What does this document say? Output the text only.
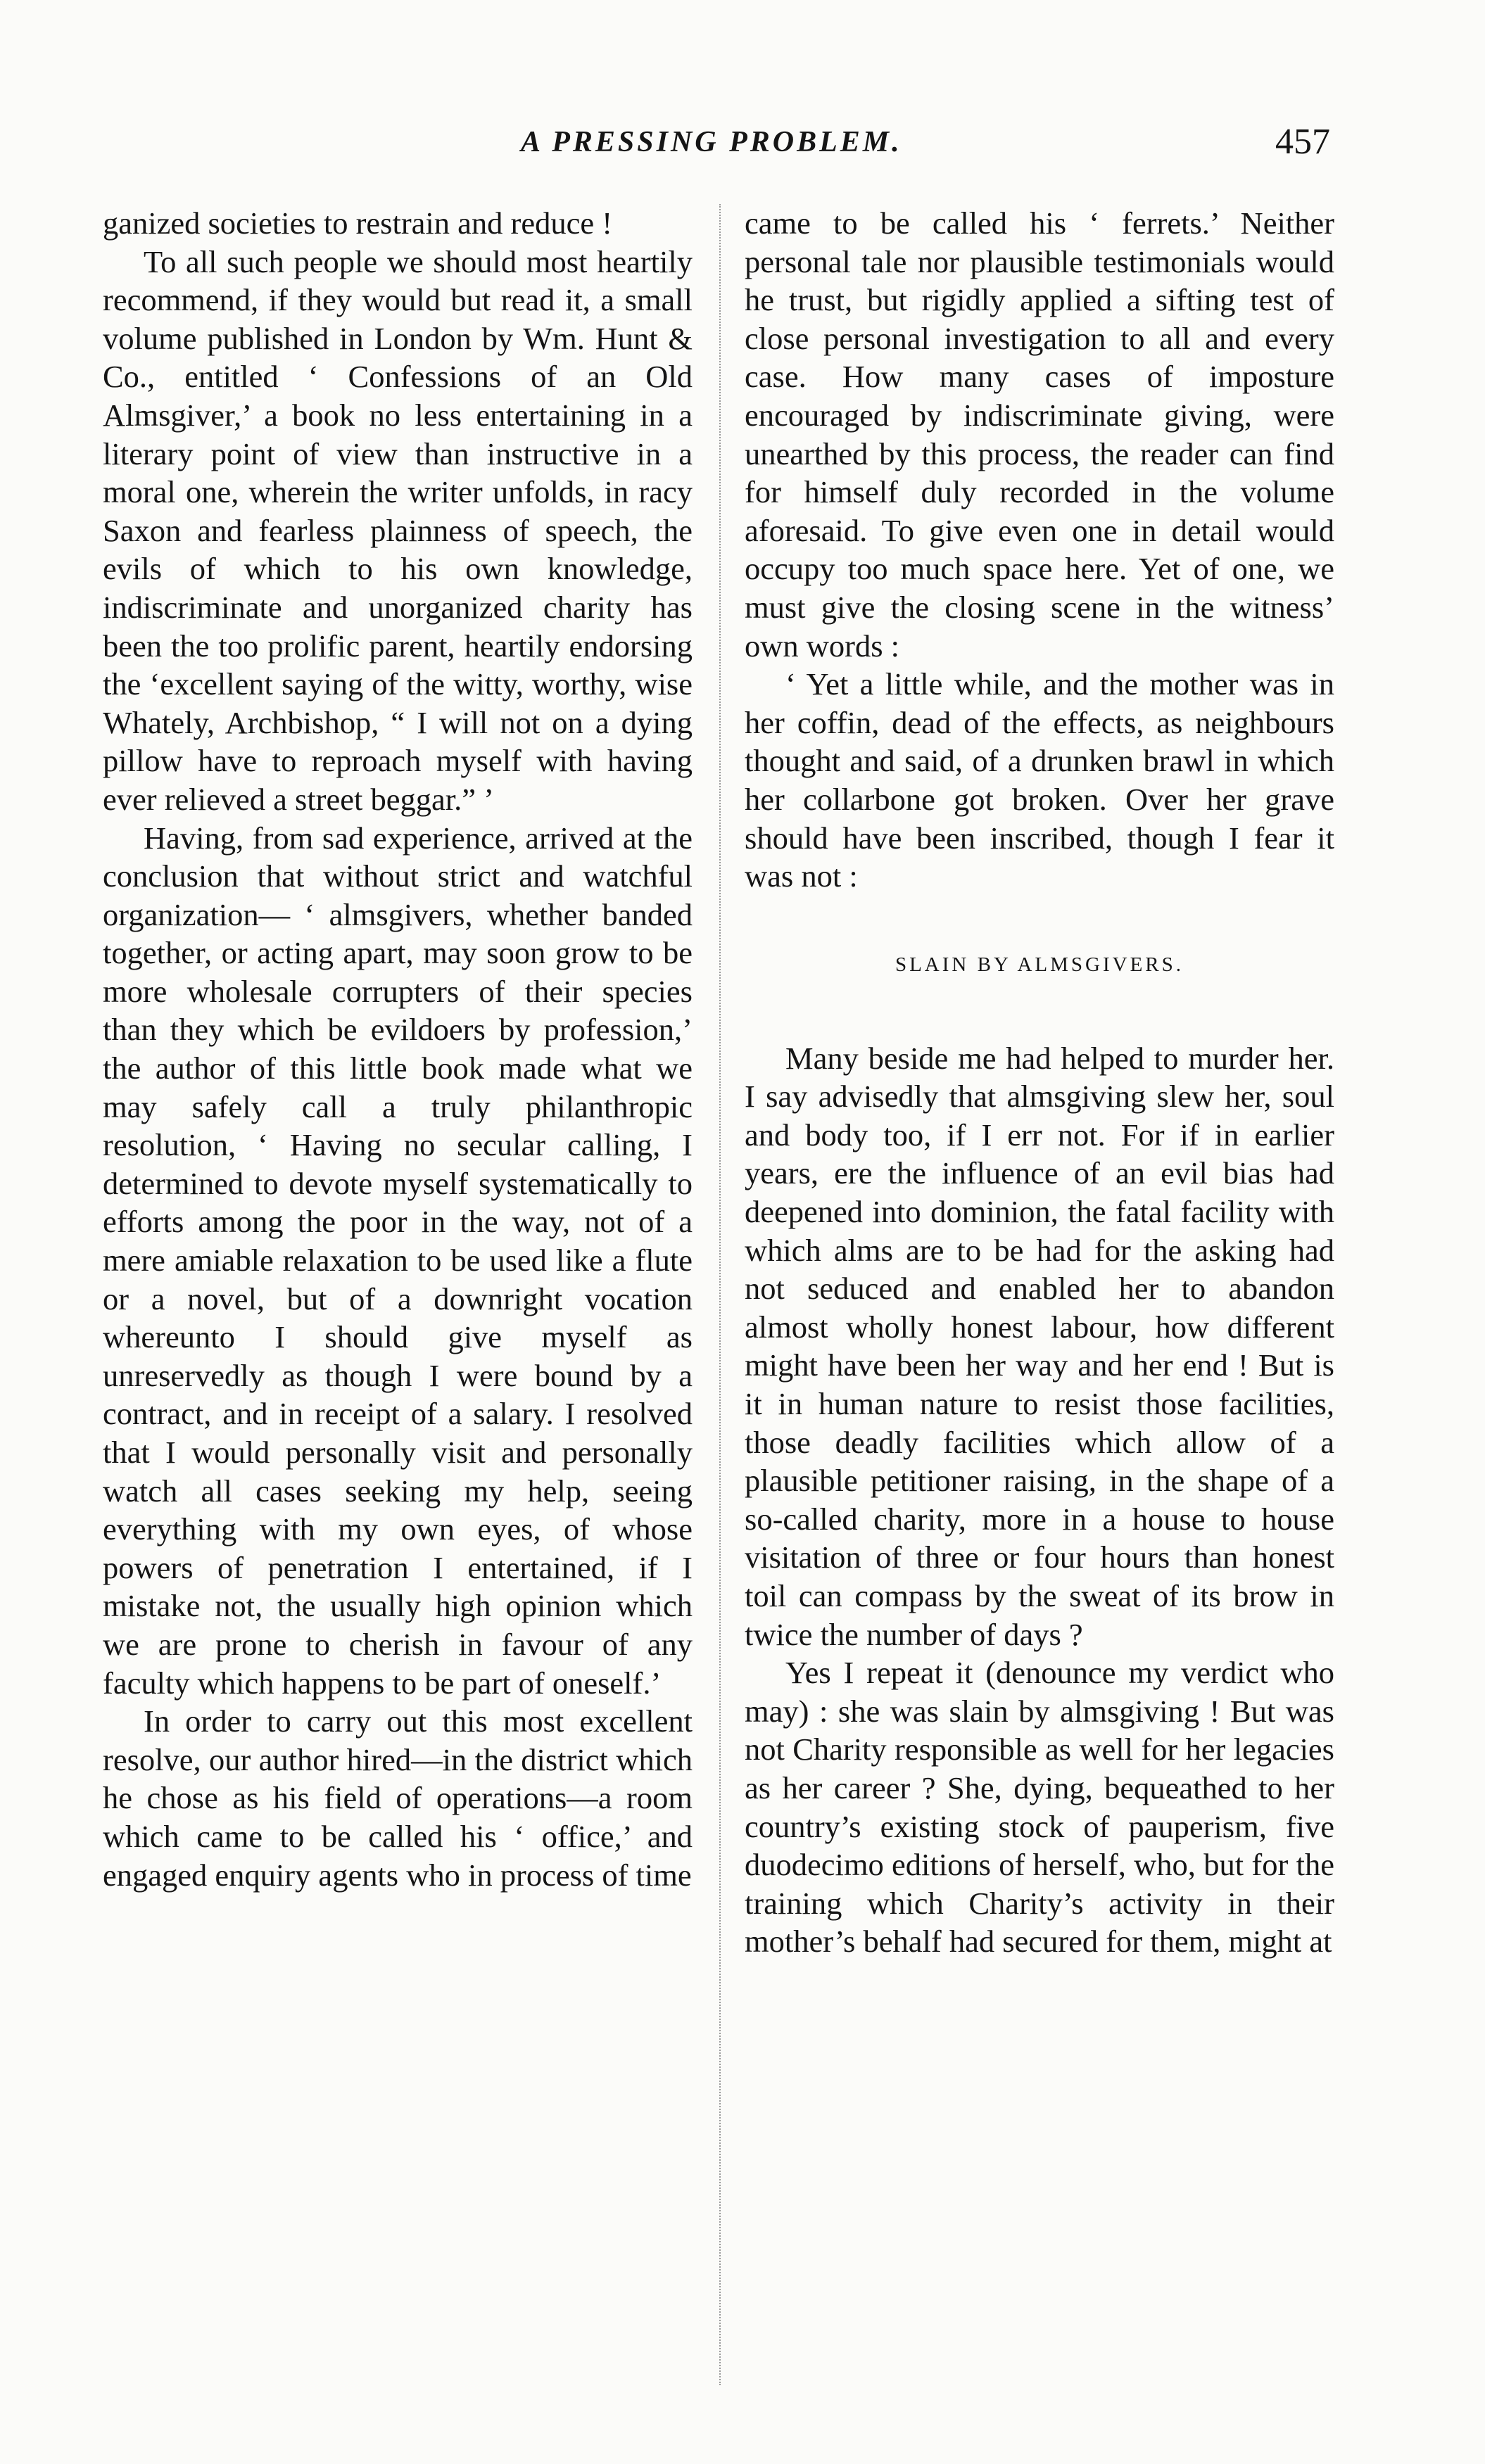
A PRESSING PROBLEM.	457

ganized societies to restrain and reduce !

To all such people we should most heartily recommend, if they would but read it, a small volume published in London by Wm. Hunt & Co., entitled ‘ Confessions of an Old Almsgiver,’ a book no less entertaining in a literary point of view than instructive in a moral one, wherein the writer unfolds, in racy Saxon and fearless plainness of speech, the evils of which to his own knowledge, indiscriminate and unorganized charity has been the too prolific parent, heartily endorsing the ‘excellent saying of the witty, worthy, wise Whately, Archbishop, “ I will not on a dying pillow have to reproach myself with having ever relieved a street beggar.” ’

Having, from sad experience, arrived at the conclusion that without strict and watchful organization— ‘ almsgivers, whether banded together, or acting apart, may soon grow to be more wholesale corrupters of their species than they which be evildoers by profession,’ the author of this little book made what we may safely call a truly philanthropic resolution, ‘ Having no secular calling, I determined to devote myself systematically to efforts among the poor in the way, not of a mere amiable relaxation to be used like a flute or a novel, but of a downright vocation whereunto I should give myself as unreservedly as though I were bound by a contract, and in receipt of a salary. I resolved that I would personally visit and personally watch all cases seeking my help, seeing everything with my own eyes, of whose powers of penetration I entertained, if I mistake not, the usually high opinion which we are prone to cherish in favour of any faculty which happens to be part of oneself.’

In order to carry out this most excellent resolve, our author hired—in the district which he chose as his field of operations—a room which came to be called his ‘ office,’ and engaged enquiry agents who in process of time

came to be called his ‘ ferrets.’ Neither personal tale nor plausible testimonials would he trust, but rigidly applied a sifting test of close personal investigation to all and every case. How many cases of imposture encouraged by indiscriminate giving, were unearthed by this process, the reader can find for himself duly recorded in the volume aforesaid. To give even one in detail would occupy too much space here. Yet of one, we must give the closing scene in the witness’ own words :

‘ Yet a little while, and the mother was in her coffin, dead of the effects, as neighbours thought and said, of a drunken brawl in which her collarbone got broken. Over her grave should have been inscribed, though I fear it was not :

SLAIN BY ALMSGIVERS.

Many beside me had helped to murder her. I say advisedly that almsgiving slew her, soul and body too, if I err not. For if in earlier years, ere the influence of an evil bias had deepened into dominion, the fatal facility with which alms are to be had for the asking had not seduced and enabled her to abandon almost wholly honest labour, how different might have been her way and her end ! But is it in human nature to resist those facilities, those deadly facilities which allow of a plausible petitioner raising, in the shape of a so-called charity, more in a house to house visitation of three or four hours than honest toil can compass by the sweat of its brow in twice the number of days ?

Yes I repeat it (denounce my verdict who may) : she was slain by almsgiving ! But was not Charity responsible as well for her legacies as her career ? She, dying, bequeathed to her country’s existing stock of pauperism, five duodecimo editions of herself, who, but for the training which Charity’s activity in their mother’s behalf had secured for them, might at
